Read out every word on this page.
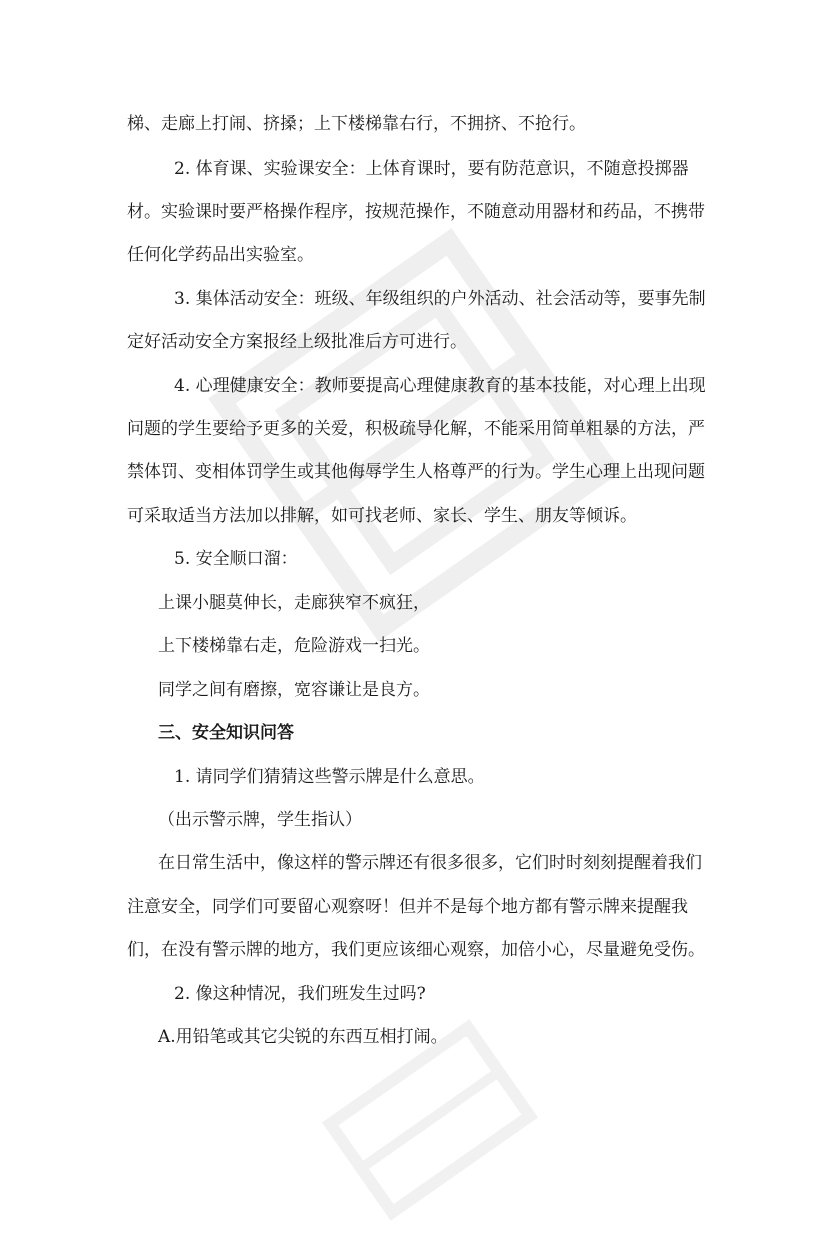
梯、走廊上打闹、挤搡；上下楼梯靠右行，不拥挤、不抢行。
2. 体育课、实验课安全：上体育课时，要有防范意识，不随意投掷器
材。实验课时要严格操作程序，按规范操作，不随意动用器材和药品，不携带
任何化学药品出实验室。
3. 集体活动安全：班级、年级组织的户外活动、社会活动等，要事先制
定好活动安全方案报经上级批准后方可进行。
4. 心理健康安全：教师要提高心理健康教育的基本技能，对心理上出现
问题的学生要给予更多的关爱，积极疏导化解，不能采用简单粗暴的方法，严
禁体罚、变相体罚学生或其他侮辱学生人格尊严的行为。学生心理上出现问题
可采取适当方法加以排解，如可找老师、家长、学生、朋友等倾诉。
5. 安全顺口溜：
上课小腿莫伸长，走廊狭窄不疯狂，
上下楼梯靠右走，危险游戏一扫光。
同学之间有磨擦，宽容谦让是良方。
三、安全知识问答
1. 请同学们猜猜这些警示牌是什么意思。
（出示警示牌，学生指认）
在日常生活中，像这样的警示牌还有很多很多，它们时时刻刻提醒着我们
注意安全，同学们可要留心观察呀！但并不是每个地方都有警示牌来提醒我
们，在没有警示牌的地方，我们更应该细心观察，加倍小心，尽量避免受伤。
2. 像这种情况，我们班发生过吗?
A.用铅笔或其它尖锐的东西互相打闹。
